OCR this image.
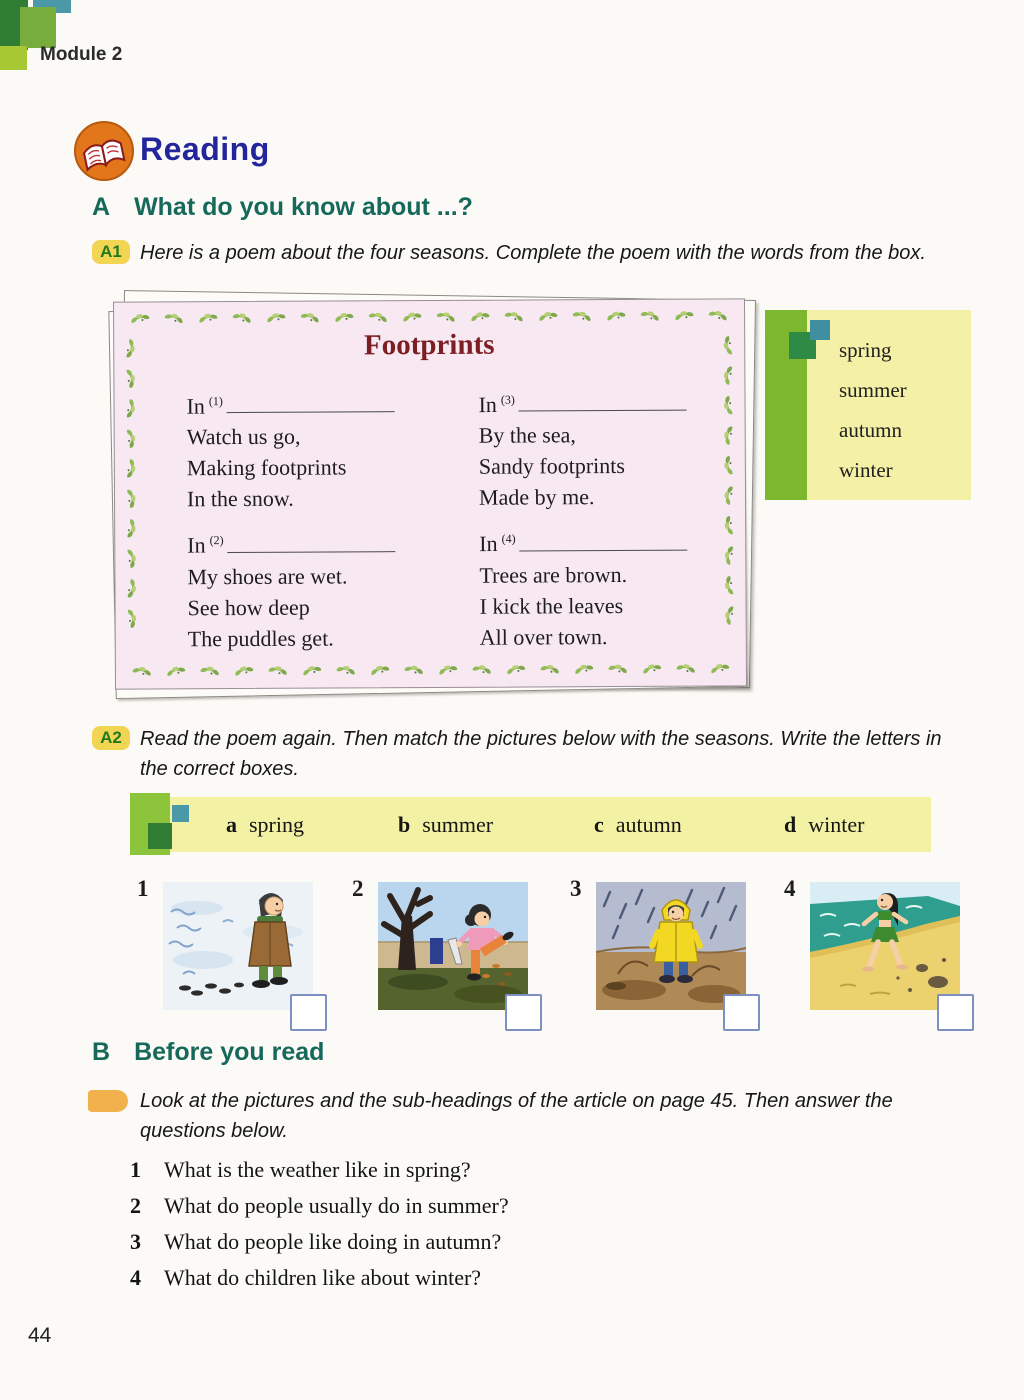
Module 2
Reading
A What do you know about ...?
A1 Here is a poem about the four seasons. Complete the poem with the words from the box.

Footprints
In $^{(1)}$
Watch us go,
Making footprints
In the snow.
In $^{(2)}$
My shoes are wet.
See how deep
The puddles get.
In $^{(3)}$
By the sea,
Sandy footprints
Made by me.
In $^{(4)}$
Trees are brown.
I kick the leaves
All over town.
spring
summer
autumn
winter
A2 Read the poem again. Then match the pictures below with the seasons. Write the letters in the correct boxes.

a spring	b summer	c autumn	d winter
1	2	3	4
B Before you read

Look at the pictures and the sub-headings of the article on page 45. Then answer the questions below.

1 What is the weather like in spring?
2 What do people usually do in summer?
3 What do people like doing in autumn?
4 What do children like about winter?
44
